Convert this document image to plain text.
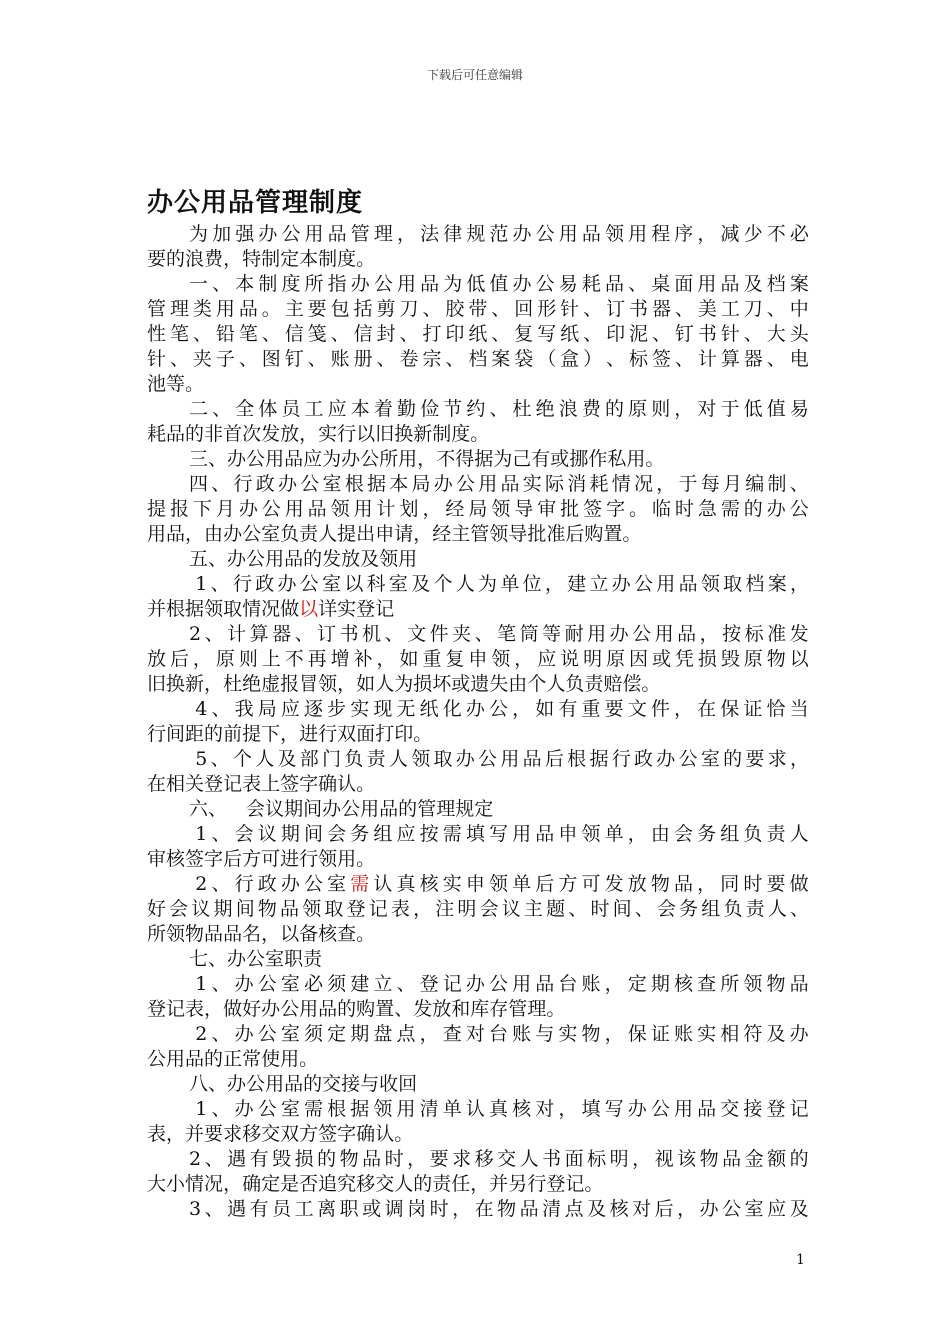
下载后可任意编辑
办公用品管理制度
为 加 强 办 公 用 品 管 理 ， 法 律 规 范 办 公 用 品 领 用 程 序 ， 减 少 不 必
要 的 浪 费 ， 特 制 定 本 制 度 。
一 、 本 制 度 所 指 办 公 用 品 为 低 值 办 公 易 耗 品 、 桌 面 用 品 及 档 案
管 理 类 用 品 。 主 要 包 括 剪 刀 、 胶 带 、 回 形 针 、 订 书 器 、 美 工 刀 、 中
性 笔 、 铅 笔 、 信 笺 、 信 封 、 打 印 纸 、 复 写 纸 、 印 泥 、 钉 书 针 、 大 头
针 、 夹 子 、 图 钉 、 账 册 、 卷 宗 、 档 案 袋 （ 盒 ） 、 标 签 、 计 算 器 、 电
池 等 。
二 、 全 体 员 工 应 本 着 勤 俭 节 约 、 杜 绝 浪 费 的 原 则 ， 对 于 低 值 易
耗 品 的 非 首 次 发 放 ， 实 行 以 旧 换 新 制 度 。
三 、 办 公 用 品 应 为 办 公 所 用 ， 不 得 据 为 己 有 或 挪 作 私 用 。
四 、 行 政 办 公 室 根 据 本 局 办 公 用 品 实 际 消 耗 情 况 ， 于 每 月 编 制 、
提 报 下 月 办 公 用 品 领 用 计 划 ， 经 局 领 导 审 批 签 字 。 临 时 急 需 的 办 公
用 品 ， 由 办 公 室 负 责 人 提 出 申 请 ， 经 主 管 领 导 批 准 后 购 置 。
五 、 办 公 用 品 的 发 放 及 领 用
1 、 行 政 办 公 室 以 科 室 及 个 人 为 单 位 ， 建 立 办 公 用 品 领 取 档 案 ，
并 根 据 领 取 情 况 做 以 详 实 登 记
2 、 计 算 器 、 订 书 机 、 文 件 夹 、 笔 筒 等 耐 用 办 公 用 品 ， 按 标 准 发
放 后 ， 原 则 上 不 再 增 补 ， 如 重 复 申 领 ， 应 说 明 原 因 或 凭 损 毁 原 物 以
旧 换 新 ， 杜 绝 虚 报 冒 领 ， 如 人 为 损 坏 或 遗 失 由 个 人 负 责 赔 偿 。
4 、 我 局 应 逐 步 实 现 无 纸 化 办 公 ， 如 有 重 要 文 件 ， 在 保 证 恰 当
行 间 距 的 前 提 下 ， 进 行 双 面 打 印 。
5 、 个 人 及 部 门 负 责 人 领 取 办 公 用 品 后 根 据 行 政 办 公 室 的 要 求 ，
在 相 关 登 记 表 上 签 字 确 认 。
六 、
　 会 议 期 间 办 公 用 品 的 管 理 规 定
1 、 会 议 期 间 会 务 组 应 按 需 填 写 用 品 申 领 单 ， 由 会 务 组 负 责 人
审 核 签 字 后 方 可 进 行 领 用 。
2 、 行 政 办 公 室 需 认 真 核 实 申 领 单 后 方 可 发 放 物 品 ， 同 时 要 做
好 会 议 期 间 物 品 领 取 登 记 表 ， 注 明 会 议 主 题 、 时 间 、 会 务 组 负 责 人 、
所 领 物 品 品 名 ， 以 备 核 查 。
七 、 办 公 室 职 责
1 、 办 公 室 必 须 建 立 、 登 记 办 公 用 品 台 账 ， 定 期 核 查 所 领 物 品
登 记 表 ， 做 好 办 公 用 品 的 购 置 、 发 放 和 库 存 管 理 。
2 、 办 公 室 须 定 期 盘 点 ， 查 对 台 账 与 实 物 ， 保 证 账 实 相 符 及 办
公 用 品 的 正 常 使 用 。
八 、 办 公 用 品 的 交 接 与 收 回
1 、 办 公 室 需 根 据 领 用 清 单 认 真 核 对 ， 填 写 办 公 用 品 交 接 登 记
表 ， 并 要 求 移 交 双 方 签 字 确 认 。
2 、 遇 有 毁 损 的 物 品 时 ， 要 求 移 交 人 书 面 标 明 ， 视 该 物 品 金 额 的
大 小 情 况 ， 确 定 是 否 追 究 移 交 人 的 责 任 ， 并 另 行 登 记 。
3 、 遇 有 员 工 离 职 或 调 岗 时 ， 在 物 品 清 点 及 核 对 后 ， 办 公 室 应 及
1
